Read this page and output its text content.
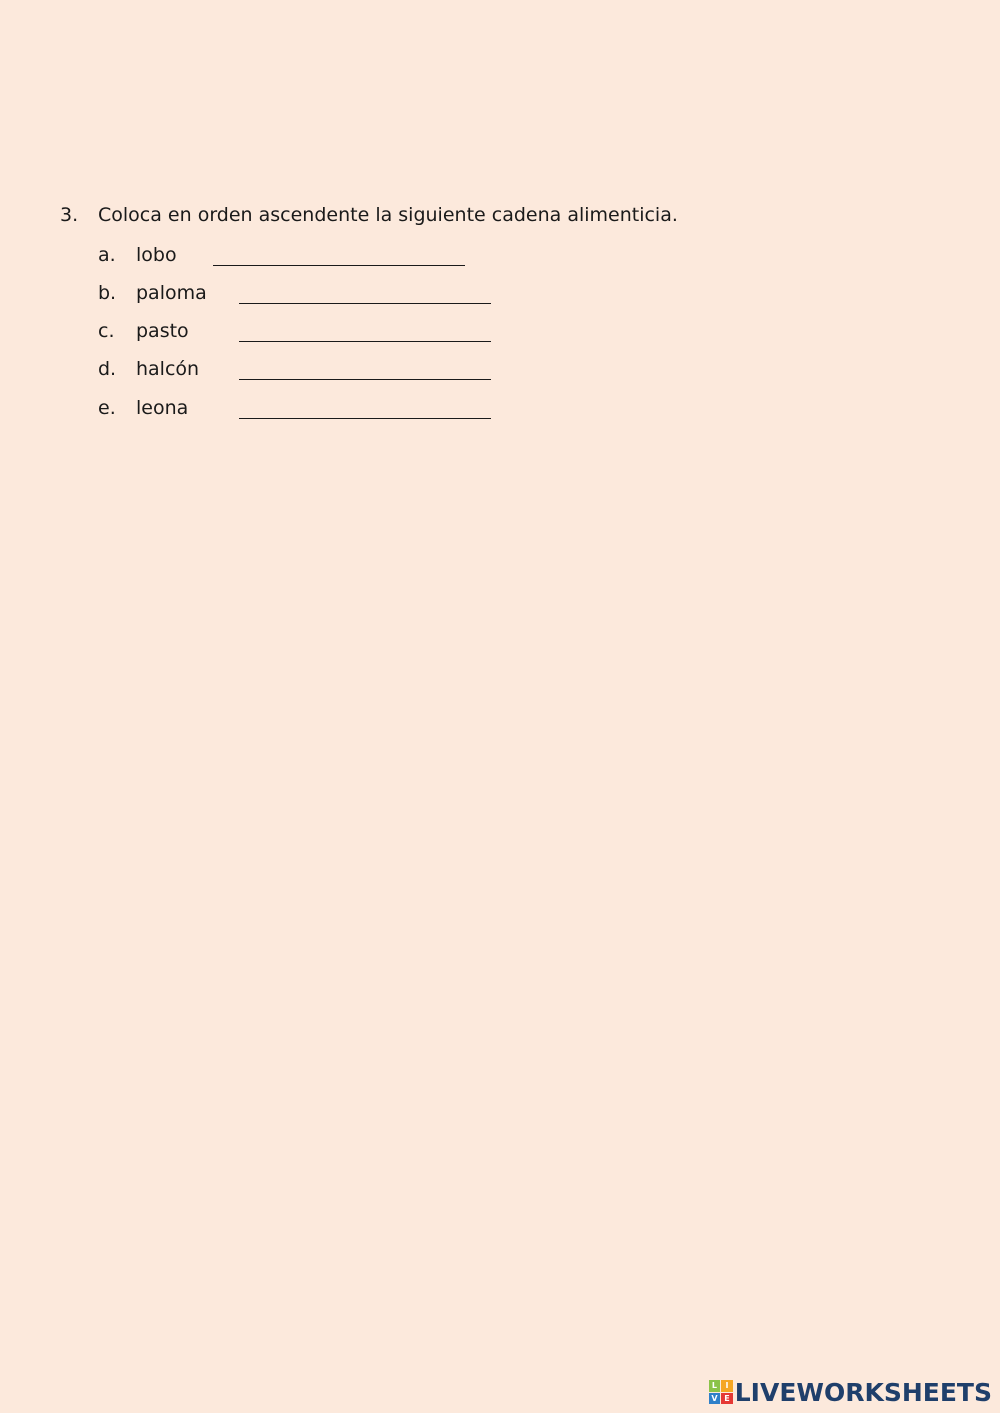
3. Coloca en orden ascendente la siguiente cadena alimenticia.
a. lobo
b. paloma
c. pasto
d. halcón
e. leona
L	I
V E LIVEWORKSHEETS
